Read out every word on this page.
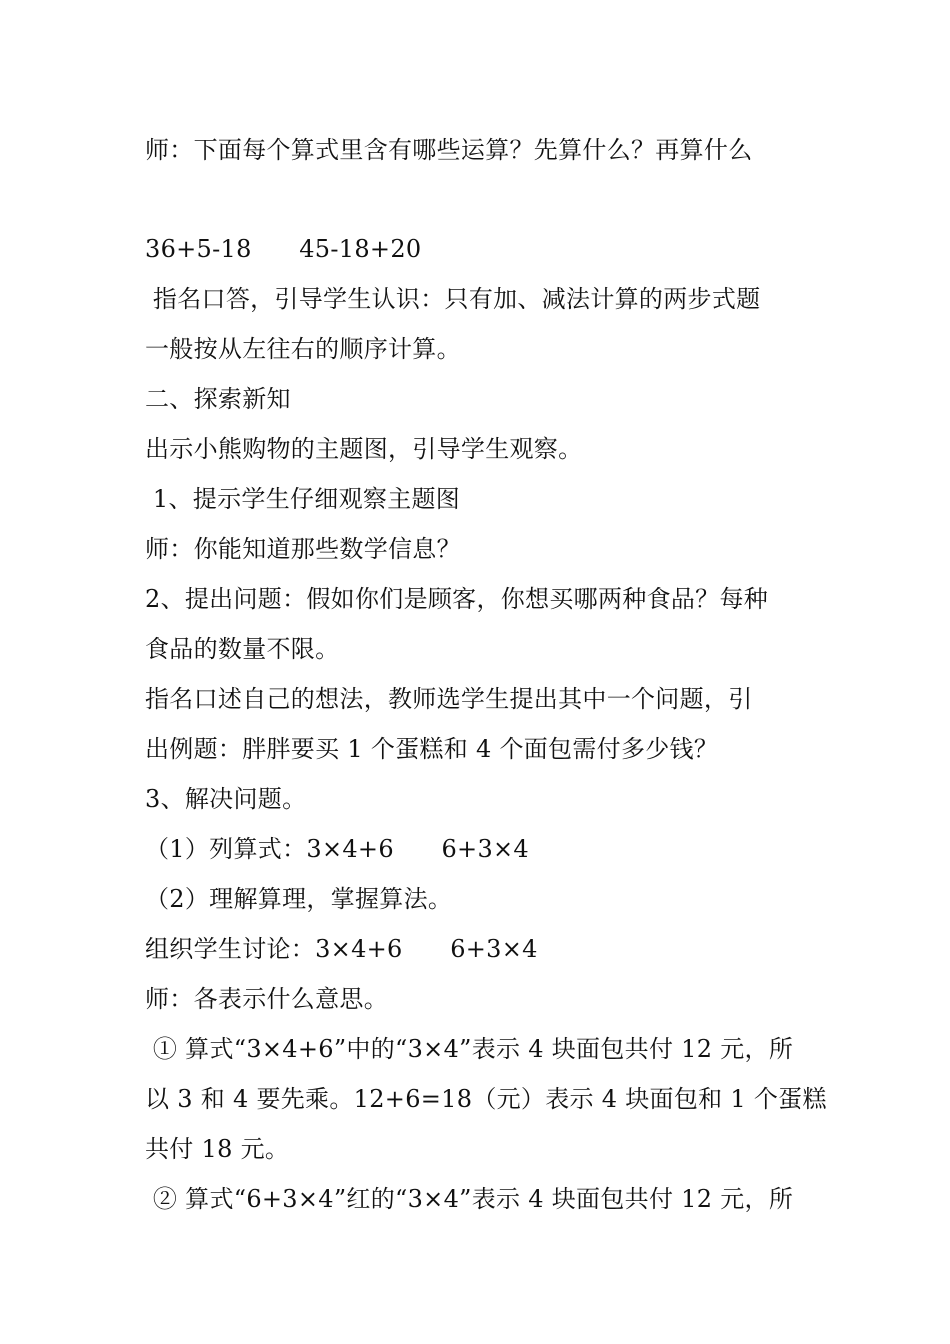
师：下面每个算式里含有哪些运算？先算什么？再算什么
36+5-18      45-18+20
指名口答，引导学生认识：只有加、减法计算的两步式题
一般按从左往右的顺序计算。
二、探索新知
出示小熊购物的主题图，引导学生观察。
1、提示学生仔细观察主题图
师：你能知道那些数学信息？
2、提出问题：假如你们是顾客，你想买哪两种食品？每种
食品的数量不限。
指名口述自己的想法，教师选学生提出其中一个问题，引
出例题：胖胖要买 1 个蛋糕和 4 个面包需付多少钱？
3、解决问题。
（1）列算式：3×4+6      6+3×4
（2）理解算理，掌握算法。
组织学生讨论：3×4+6      6+3×4
师：各表示什么意思。
① 算式“3×4+6”中的“3×4”表示 4 块面包共付 12 元，所
以 3 和 4 要先乘。12+6=18（元）表示 4 块面包和 1 个蛋糕
共付 18 元。
② 算式“6+3×4”红的“3×4”表示 4 块面包共付 12 元，所
